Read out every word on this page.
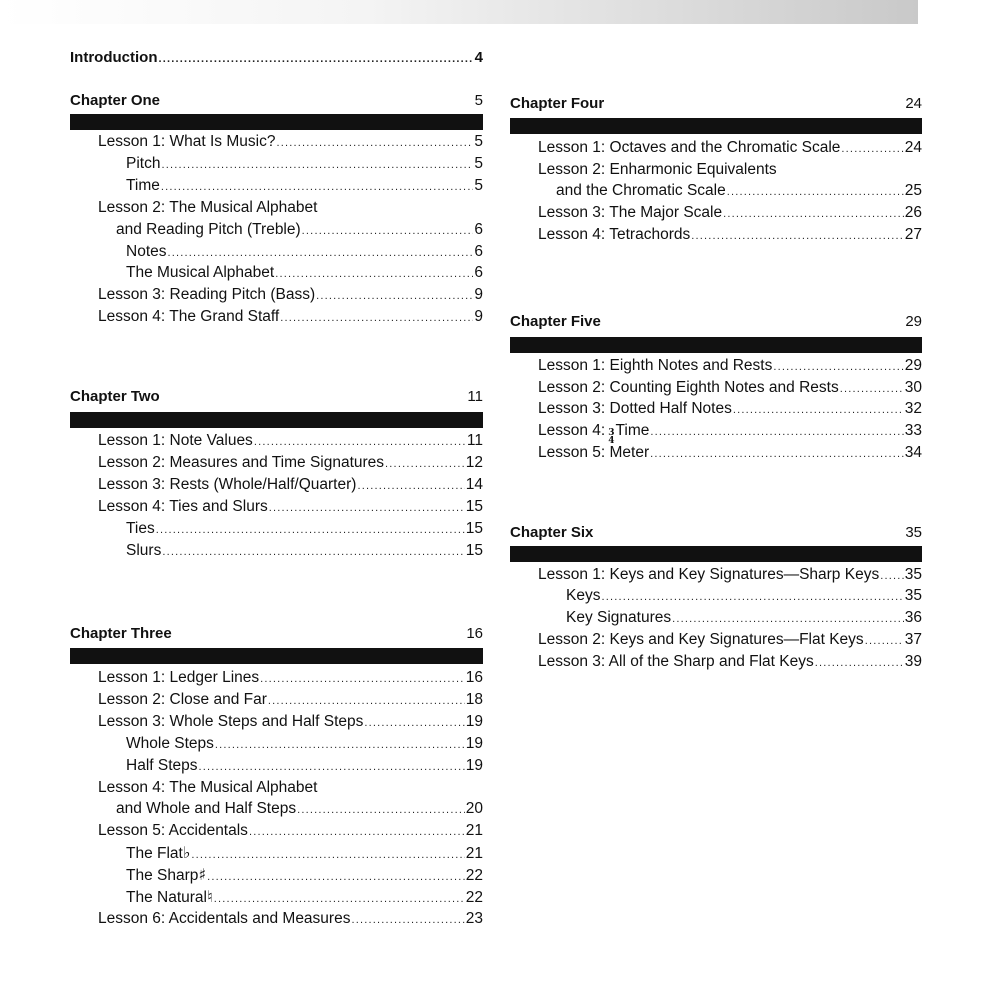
Introduction .....	4
Chapter One	5
Lesson 1: What Is Music? .....	5
Pitch .....	5
Time .....	5
Lesson 2: The Musical Alphabet
and Reading Pitch (Treble) .....	6
Notes .....	6
The Musical Alphabet .....	6
Lesson 3: Reading Pitch (Bass) .....	9
Lesson 4: The Grand Staff .....	9
Chapter Two	11
Lesson 1: Note Values .....	11
Lesson 2: Measures and Time Signatures .....	12
Lesson 3: Rests (Whole/Half/Quarter) .....	14
Lesson 4: Ties and Slurs .....	15
Ties .....	15
Slurs .....	15
Chapter Three	16
Lesson 1: Ledger Lines .....	16
Lesson 2: Close and Far .....	18
Lesson 3: Whole Steps and Half Steps .....	19
Whole Steps .....	19
Half Steps .....	19
Lesson 4: The Musical Alphabet
and Whole and Half Steps .....	20
Lesson 5: Accidentals .....	21
The Flat ♭ .....	21
The Sharp ♯ .....	22
The Natural ♮ .....	22
Lesson 6: Accidentals and Measures .....	23
Chapter Four	24
Lesson 1: Octaves and the Chromatic Scale .....	24
Lesson 2: Enharmonic Equivalents
and the Chromatic Scale .....	25
Lesson 3: The Major Scale .....	26
Lesson 4: Tetrachords .....	27
Chapter Five	29
Lesson 1: Eighth Notes and Rests .....	29
Lesson 2: Counting Eighth Notes and Rests .....	30
Lesson 3: Dotted Half Notes .....	32
Lesson 4: 3
4
Time .....	33
Lesson 5: Meter .....	34
Chapter Six	35
Lesson 1: Keys and Key Signatures—Sharp Keys ..... 35
Keys .....	35
Key Signatures .....	36
Lesson 2: Keys and Key Signatures—Flat Keys .....	37
Lesson 3: All of the Sharp and Flat Keys .....	39
